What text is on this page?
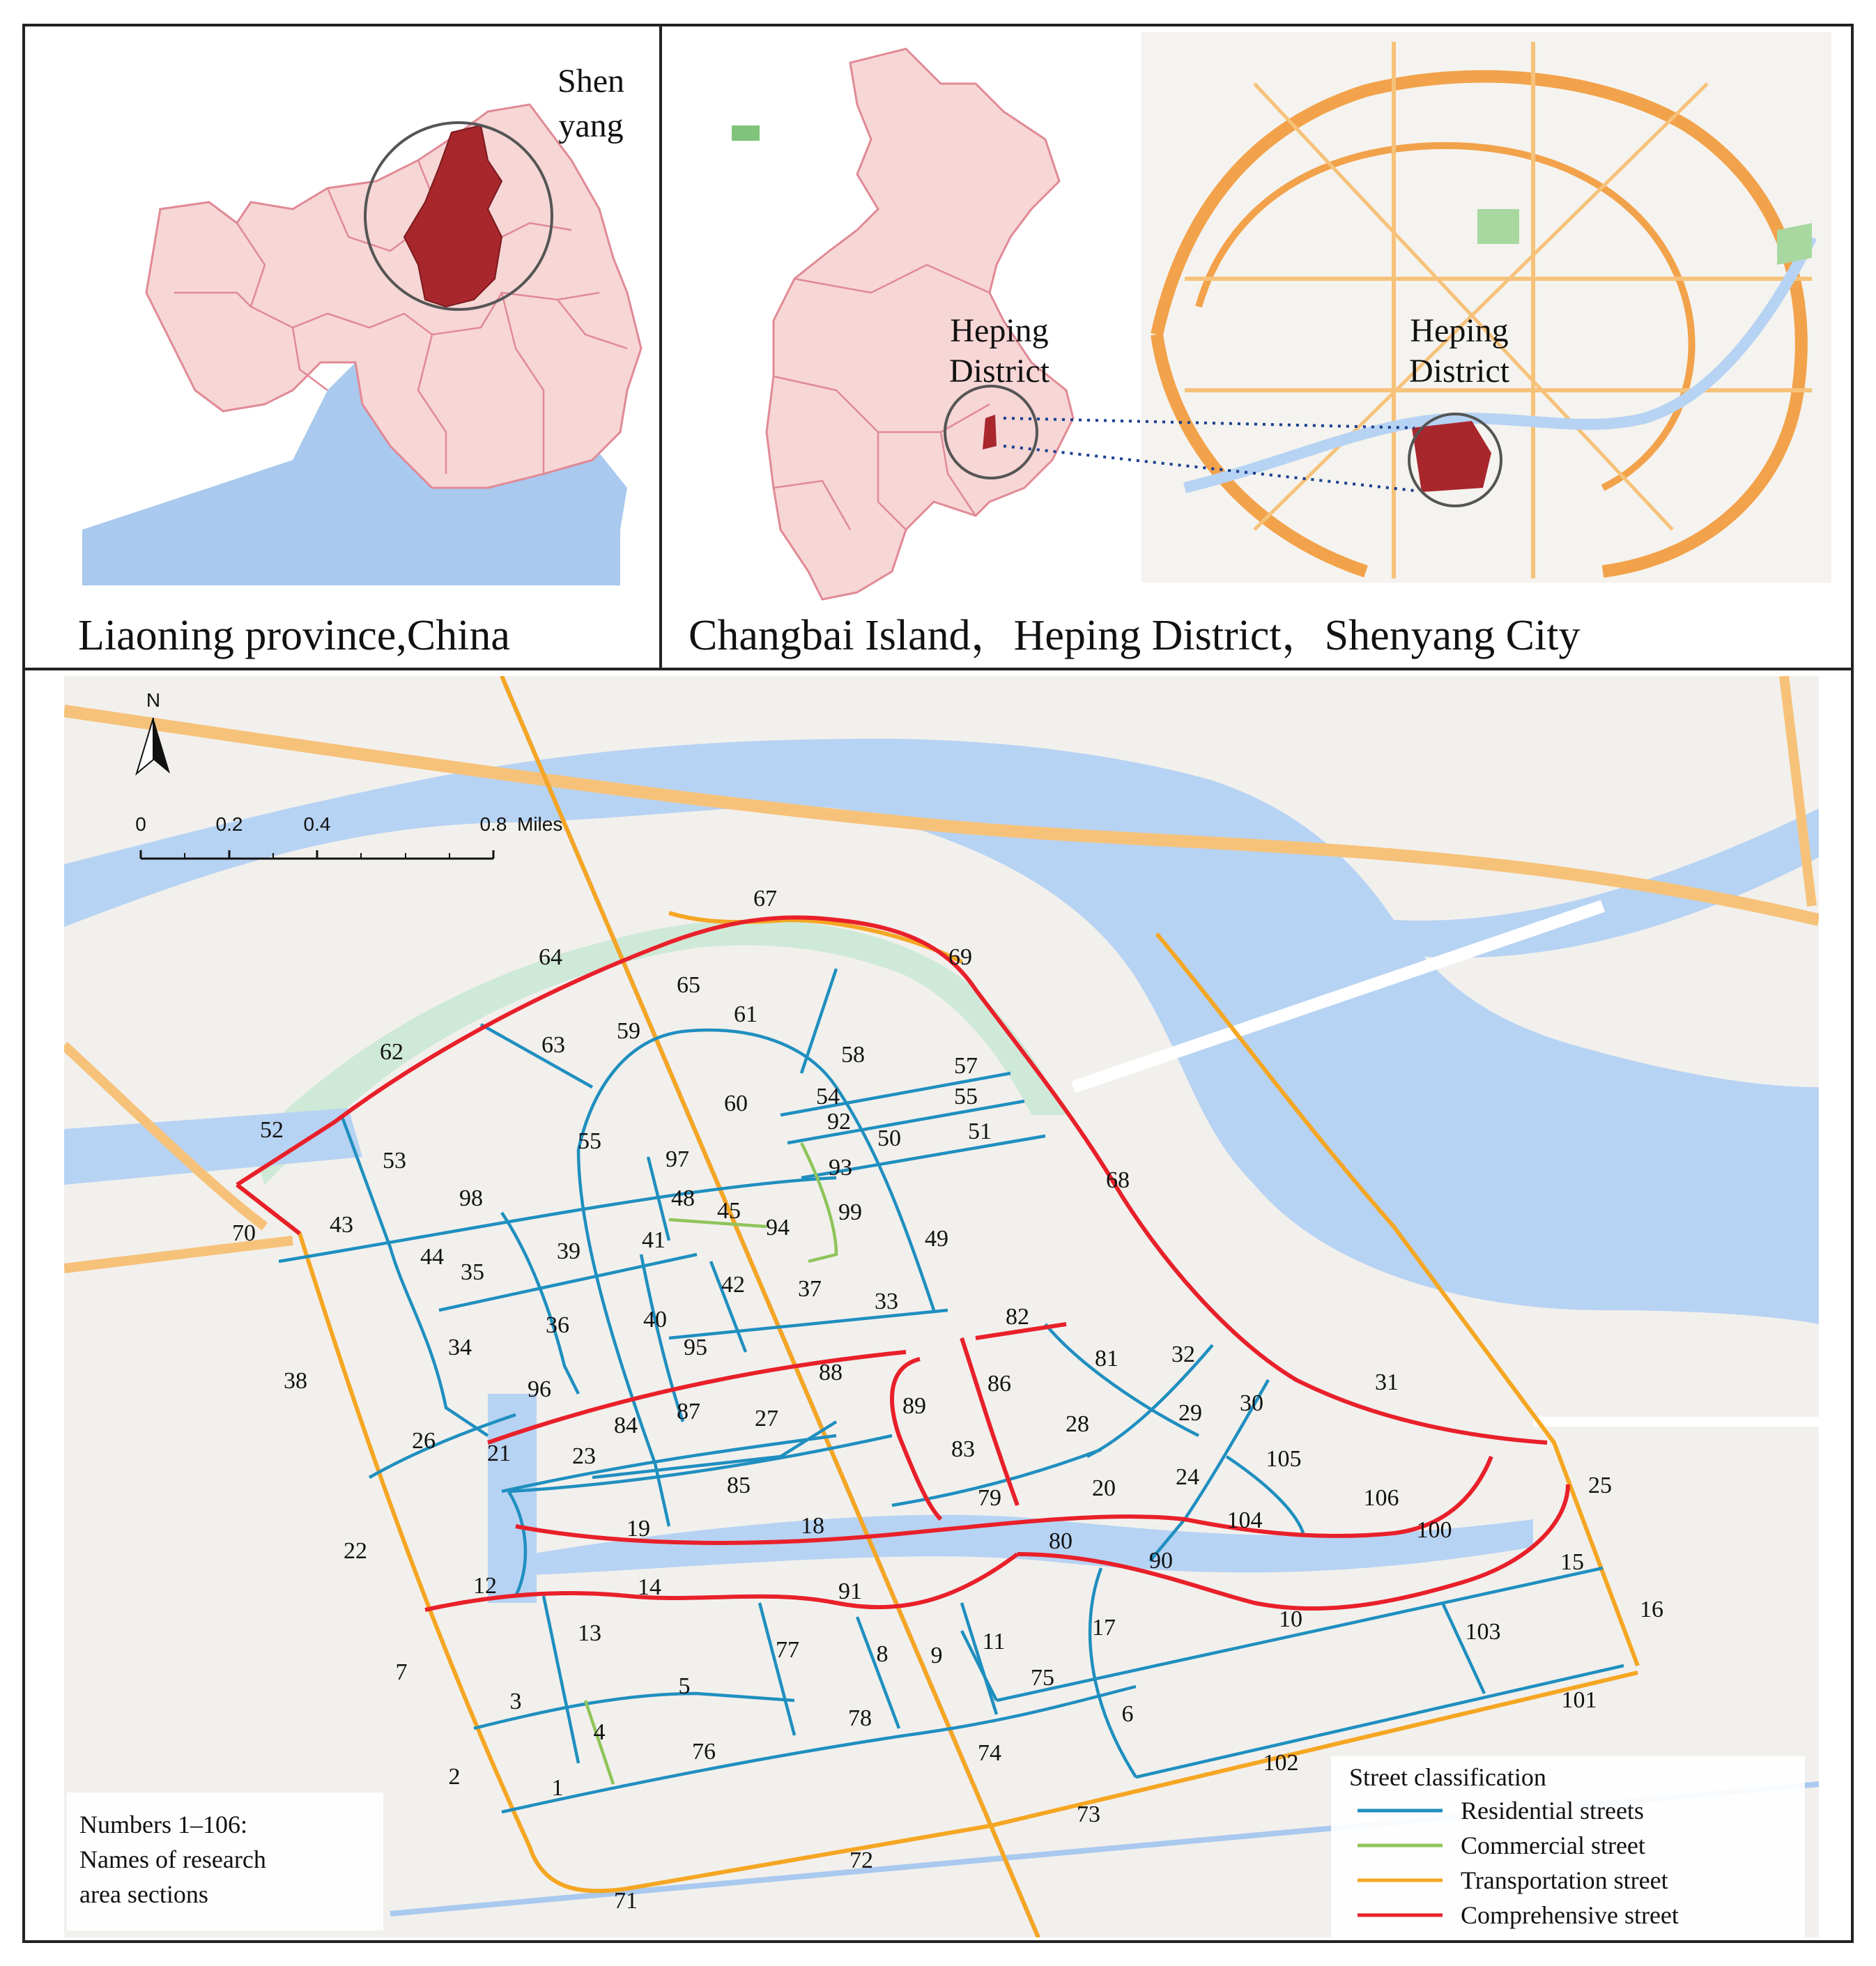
Shen
yang
Liaoning province,China
Heping
District
Heping
District
Changbai Island，Heping District，Shenyang City
N
0	0.2	0.4	0.8 Miles
67
69
64
65
61
59
63
62	58	57
60	54	55
92
52	55	50	51
53	97	93	68
98	48 45	99
94
43
70	49
41
39
44
35	42 37 33
36	40	82
34	95	81 32
88
38	96	86	31
89	30
87
84	27	29
28
26 21	23	83	105
24
85	20
79	106	25
104
19	18	100
80
22	90	15
12	14	91
16
17	10	103
13	11
77	8 9
7	75
5
3	101
6
78
4
74
76	102
2	1
73
72
71
Numbers 1–106:
Names of research
area sections
Street classification
Residential streets
Commercial street
Transportation street
Comprehensive street
